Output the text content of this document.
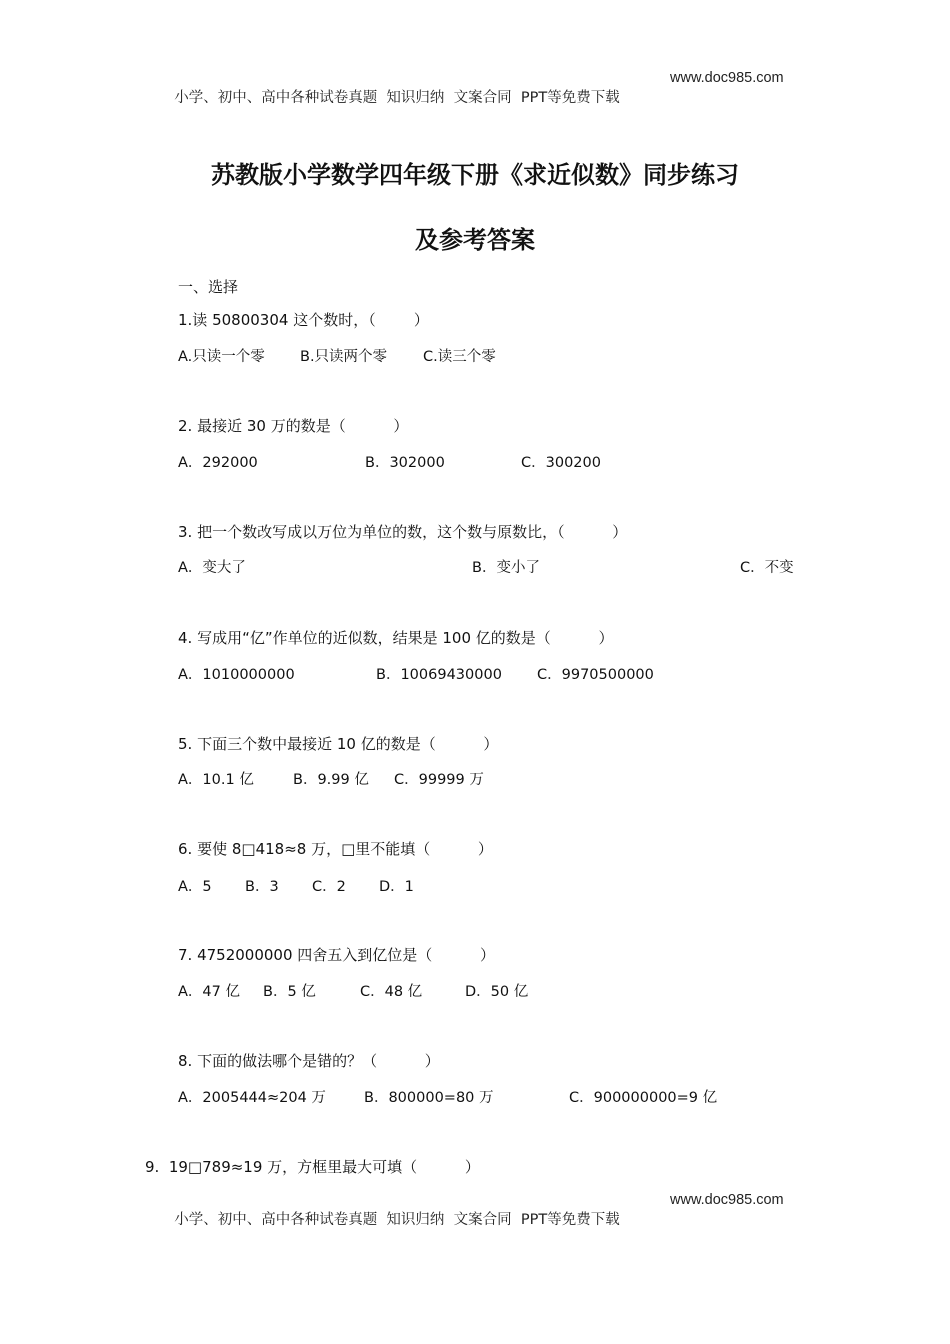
小学、初中、高中各种试卷真题  知识归纳  文案合同  PPT等免费下载

www.doc985.com

苏教版小学数学四年级下册《求近似数》同步练习
及参考答案
一、选择
1.读 50800304 这个数时，（        ）
A.只读一个零 B.只读两个零 C.读三个零
2. 最接近 30 万的数是（          ）
A．292000	B．302000	C．300200
3. 把一个数改写成以万位为单位的数，这个数与原数比，（          ）
A．变大了	B．变小了	C．不变
4. 写成用“亿”作单位的近似数，结果是 100 亿的数是（          ）
A．1010000000	B．10069430000 C．9970500000
5. 下面三个数中最接近 10 亿的数是（          ）
A．10.1 亿	B．9.99 亿 C．99999 万
6. 要使 8□418≈8 万，□里不能填（          ）
A．5 B．3 C．2 D．1
7. 4752000000 四舍五入到亿位是（          ）
A．47 亿 B．5 亿	C．48 亿	D．50 亿
8. 下面的做法哪个是错的？（          ）
A．2005444≈204 万	B．800000=80 万	C．900000000=9 亿
9.  19□789≈19 万，方框里最大可填（          ）

小学、初中、高中各种试卷真题  知识归纳  文案合同  PPT等免费下载

www.doc985.com
